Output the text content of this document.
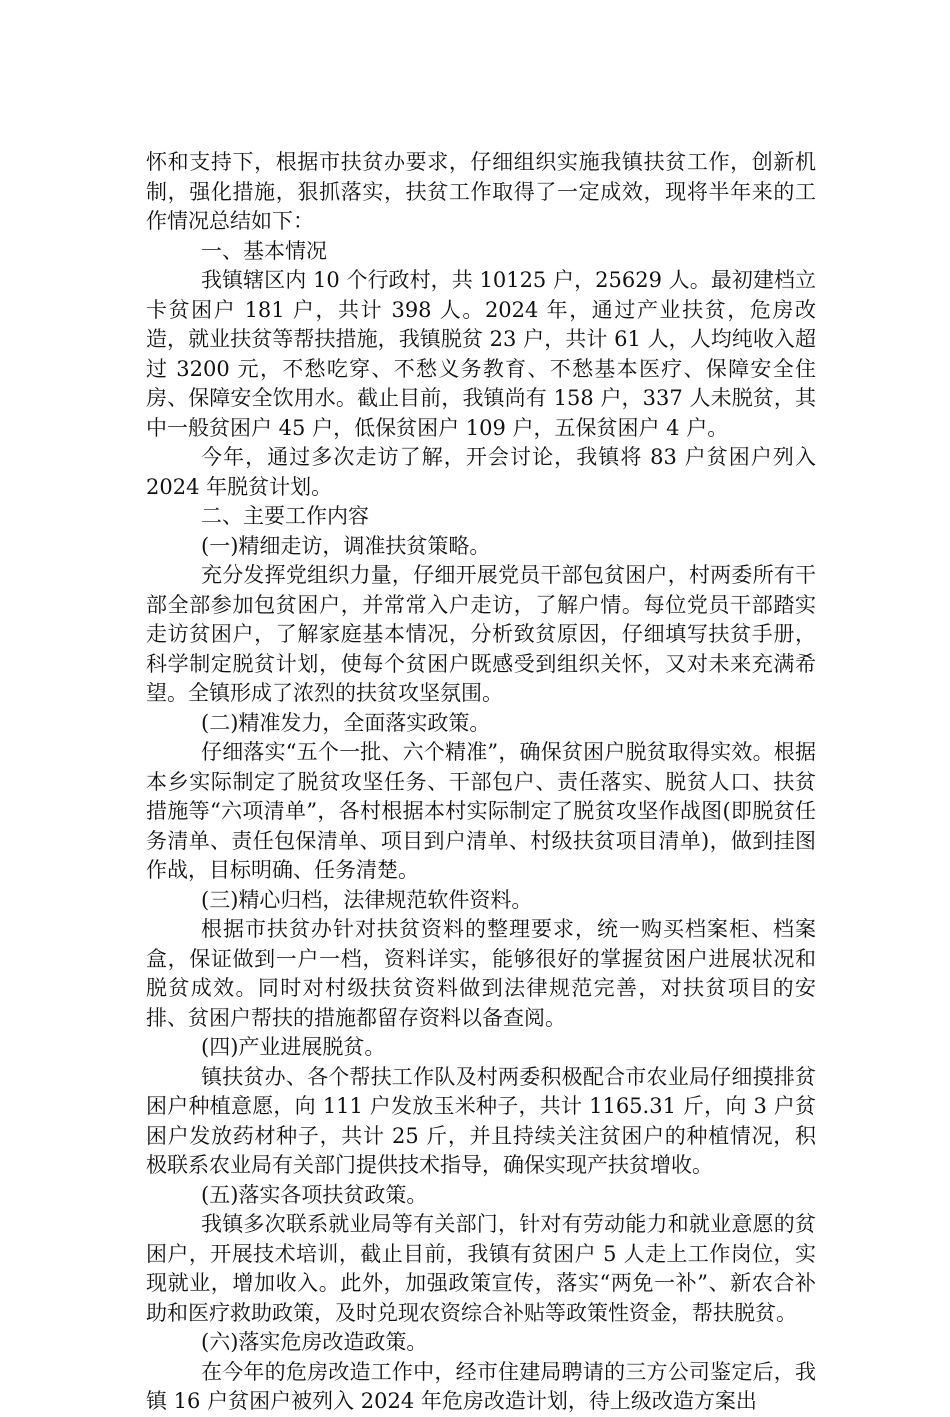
怀和支持下，根据市扶贫办要求，仔细组织实施我镇扶贫工作，创新机制，强化措施，狠抓落实，扶贫工作取得了一定成效，现将半年来的工作情况总结如下：

一、基本情况

我镇辖区内 10 个行政村，共 10125 户，25629 人。最初建档立卡贫困户 181 户，共计 398 人。2024 年，通过产业扶贫，危房改造，就业扶贫等帮扶措施，我镇脱贫 23 户，共计 61 人，人均纯收入超过 3200 元，不愁吃穿、不愁义务教育、不愁基本医疗、保障安全住房、保障安全饮用水。截止目前，我镇尚有 158 户，337 人未脱贫，其中一般贫困户 45 户，低保贫困户 109 户，五保贫困户 4 户。

今年，通过多次走访了解，开会讨论，我镇将 83 户贫困户列入 2024 年脱贫计划。

二、主要工作内容

(一)精细走访，调准扶贫策略。

充分发挥党组织力量，仔细开展党员干部包贫困户，村两委所有干部全部参加包贫困户，并常常入户走访，了解户情。每位党员干部踏实走访贫困户，了解家庭基本情况，分析致贫原因，仔细填写扶贫手册，科学制定脱贫计划，使每个贫困户既感受到组织关怀，又对未来充满希望。全镇形成了浓烈的扶贫攻坚氛围。

(二)精准发力，全面落实政策。

仔细落实“五个一批、六个精准”，确保贫困户脱贫取得实效。根据本乡实际制定了脱贫攻坚任务、干部包户、责任落实、脱贫人口、扶贫措施等“六项清单”，各村根据本村实际制定了脱贫攻坚作战图(即脱贫任务清单、责任包保清单、项目到户清单、村级扶贫项目清单)，做到挂图作战，目标明确、任务清楚。

(三)精心归档，法律规范软件资料。

根据市扶贫办针对扶贫资料的整理要求，统一购买档案柜、档案盒，保证做到一户一档，资料详实，能够很好的掌握贫困户进展状况和脱贫成效。同时对村级扶贫资料做到法律规范完善，对扶贫项目的安排、贫困户帮扶的措施都留存资料以备查阅。

(四)产业进展脱贫。

镇扶贫办、各个帮扶工作队及村两委积极配合市农业局仔细摸排贫困户种植意愿，向 111 户发放玉米种子，共计 1165.31 斤，向 3 户贫困户发放药材种子，共计 25 斤，并且持续关注贫困户的种植情况，积极联系农业局有关部门提供技术指导，确保实现产扶贫增收。

(五)落实各项扶贫政策。

我镇多次联系就业局等有关部门，针对有劳动能力和就业意愿的贫困户，开展技术培训，截止目前，我镇有贫困户 5 人走上工作岗位，实现就业，增加收入。此外，加强政策宣传，落实“两免一补”、新农合补助和医疗救助政策，及时兑现农资综合补贴等政策性资金，帮扶脱贫。

(六)落实危房改造政策。

在今年的危房改造工作中，经市住建局聘请的三方公司鉴定后，我镇 16 户贫困户被列入 2024 年危房改造计划，待上级改造方案出
